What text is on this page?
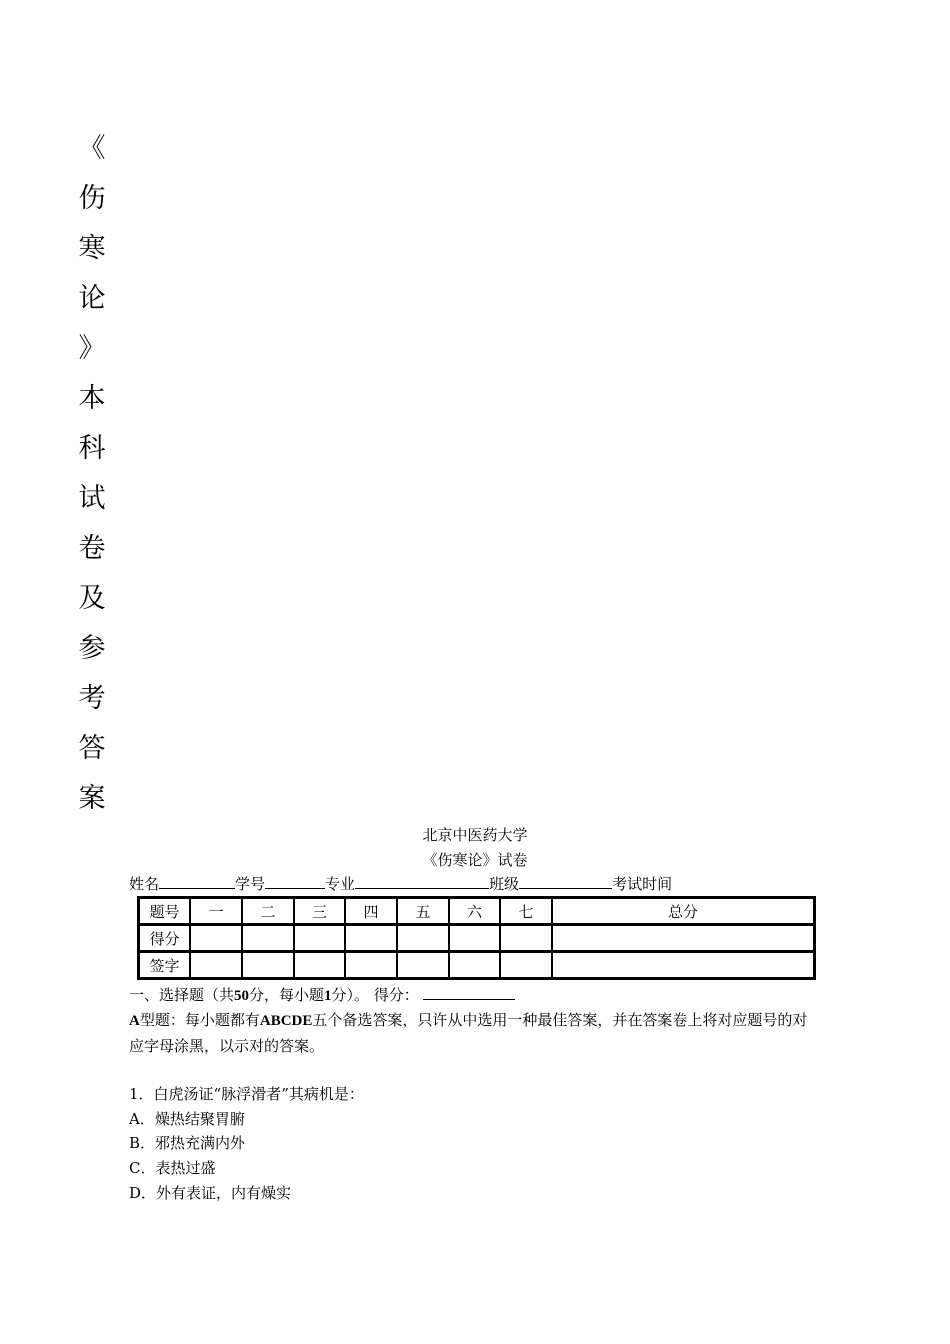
《
伤
寒
论
》
本
科
试
卷
及
参
考
答
案
北京中医药大学
《伤寒论》试卷
姓名	学号	专业	班级	考试时间
题号	一	二	三	四	五	六	七	总分
得分								
签字								
一、选择题（共50分，每小题1分）。 得分：
A型题：每小题都有ABCDE五个备选答案，只许从中选用一种最佳答案，并在答案卷上将对应题号的对应字母涂黑，以示对的答案。
1．白虎汤证“脉浮滑者”其病机是：
A．燥热结聚胃腑
B．邪热充满内外
C．表热过盛
D．外有表证，内有燥实
